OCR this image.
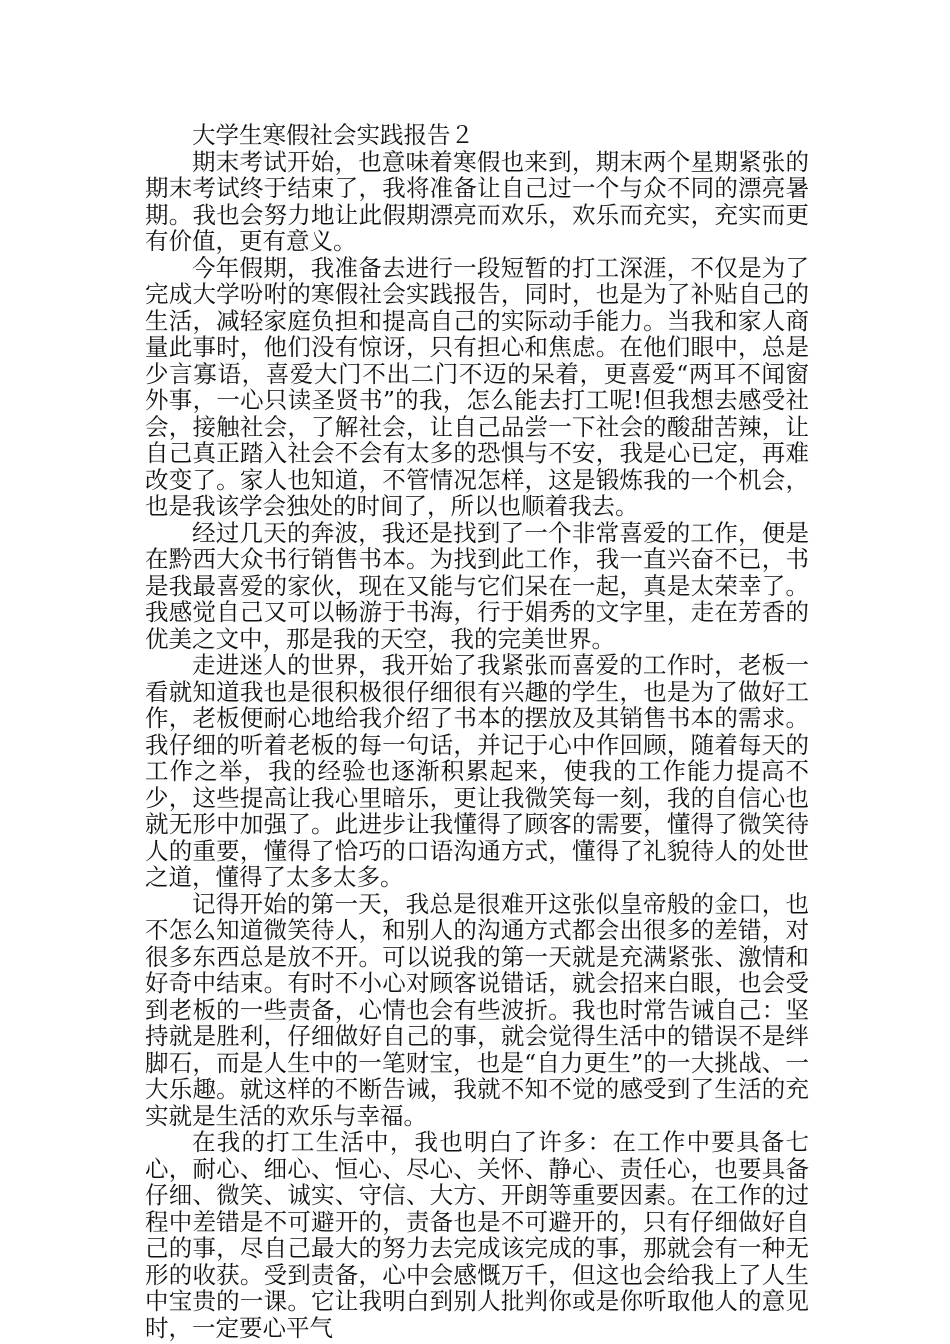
大学生寒假社会实践报告２

期末考试开始，也意味着寒假也来到，期末两个星期紧张的期末考试终于结束了，我将准备让自己过一个与众不同的漂亮暑期。我也会努力地让此假期漂亮而欢乐，欢乐而充实，充实而更有价值，更有意义。

今年假期，我准备去进行一段短暂的打工深涯，不仅是为了完成大学吩咐的寒假社会实践报告，同时，也是为了补贴自己的生活，减轻家庭负担和提高自己的实际动手能力。当我和家人商量此事时，他们没有惊讶，只有担心和焦虑。在他们眼中，总是少言寡语，喜爱大门不出二门不迈的呆着，更喜爱“两耳不闻窗外事，一心只读圣贤书”的我，怎么能去打工呢!但我想去感受社会，接触社会，了解社会，让自己品尝一下社会的酸甜苦辣，让自己真正踏入社会不会有太多的恐惧与不安，我是心已定，再难改变了。家人也知道，不管情况怎样，这是锻炼我的一个机会，也是我该学会独处的时间了，所以也顺着我去。

经过几天的奔波，我还是找到了一个非常喜爱的工作，便是在黔西大众书行销售书本。为找到此工作，我一直兴奋不已，书是我最喜爱的家伙，现在又能与它们呆在一起，真是太荣幸了。我感觉自己又可以畅游于书海，行于娟秀的文字里，走在芳香的优美之文中，那是我的天空，我的完美世界。

走进迷人的世界，我开始了我紧张而喜爱的工作时，老板一看就知道我也是很积极很仔细很有兴趣的学生，也是为了做好工作，老板便耐心地给我介绍了书本的摆放及其销售书本的需求。我仔细的听着老板的每一句话，并记于心中作回顾，随着每天的工作之举，我的经验也逐渐积累起来，使我的工作能力提高不少，这些提高让我心里暗乐，更让我微笑每一刻，我的自信心也就无形中加强了。此进步让我懂得了顾客的需要，懂得了微笑待人的重要，懂得了恰巧的口语沟通方式，懂得了礼貌待人的处世之道，懂得了太多太多。

记得开始的第一天，我总是很难开这张似皇帝般的金口，也不怎么知道微笑待人，和别人的沟通方式都会出很多的差错，对很多东西总是放不开。可以说我的第一天就是充满紧张、激情和好奇中结束。有时不小心对顾客说错话，就会招来白眼，也会受到老板的一些责备，心情也会有些波折。我也时常告诫自己：坚持就是胜利，仔细做好自己的事，就会觉得生活中的错误不是绊脚石，而是人生中的一笔财宝，也是“自力更生”的一大挑战、一大乐趣。就这样的不断告诫，我就不知不觉的感受到了生活的充实就是生活的欢乐与幸福。

在我的打工生活中，我也明白了许多：在工作中要具备七心，耐心、细心、恒心、尽心、关怀、静心、责任心，也要具备仔细、微笑、诚实、守信、大方、开朗等重要因素。在工作的过程中差错是不可避开的，责备也是不可避开的，只有仔细做好自己的事，尽自己最大的努力去完成该完成的事，那就会有一种无形的收获。受到责备，心中会感慨万千，但这也会给我上了人生中宝贵的一课。它让我明白到别人批判你或是你听取他人的意见时，一定要心平气
